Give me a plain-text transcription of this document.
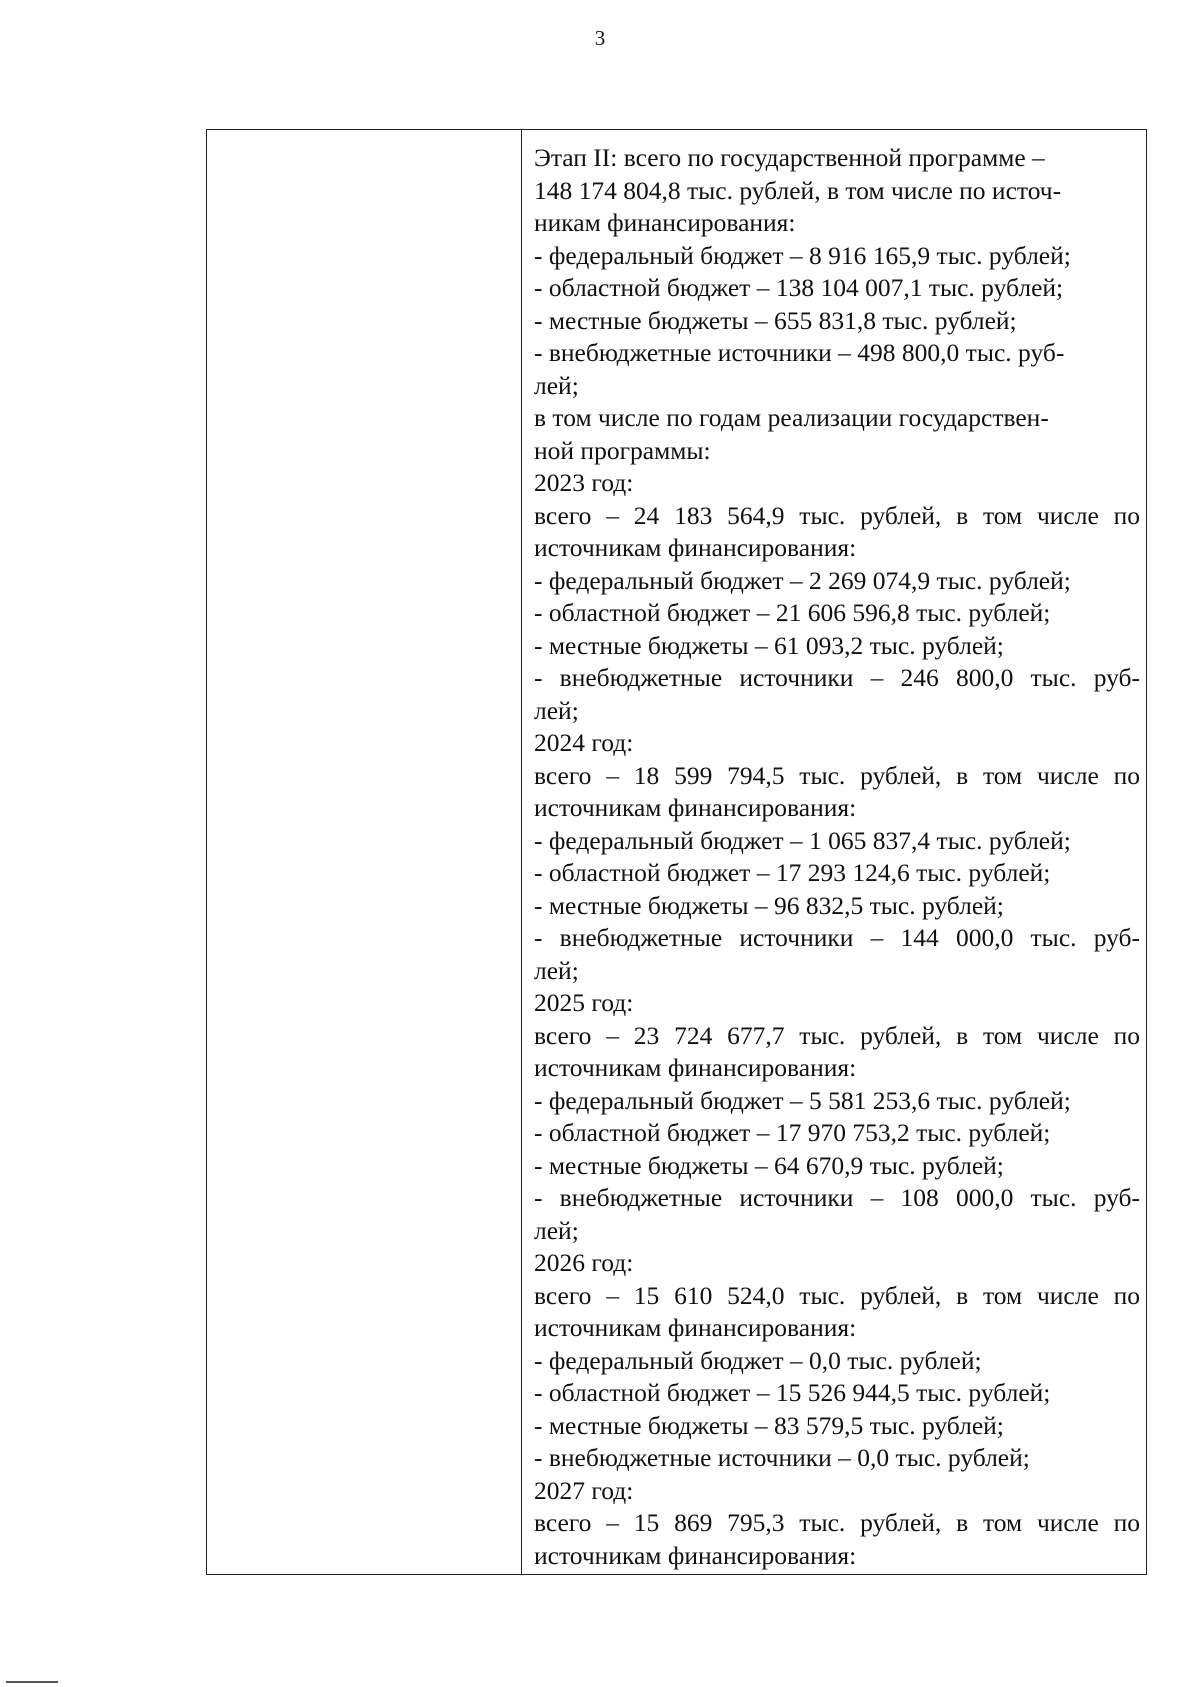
3
Этап II: всего по государственной программе –
148 174 804,8 тыс. рублей, в том числе по источ-
никам финансирования:
- федеральный бюджет – 8 916 165,9 тыс. рублей;
- областной бюджет – 138 104 007,1 тыс. рублей;
- местные бюджеты – 655 831,8 тыс. рублей;
- внебюджетные источники – 498 800,0 тыс. руб-
лей;
в том числе по годам реализации государствен-
ной программы:
2023 год:
всего – 24 183 564,9 тыс. рублей, в том числе по
источникам финансирования:
- федеральный бюджет – 2 269 074,9 тыс. рублей;
- областной бюджет – 21 606 596,8 тыс. рублей;
- местные бюджеты – 61 093,2 тыс. рублей;
- внебюджетные источники – 246 800,0 тыс. руб-
лей;
2024 год:
всего – 18 599 794,5 тыс. рублей, в том числе по
источникам финансирования:
- федеральный бюджет – 1 065 837,4 тыс. рублей;
- областной бюджет – 17 293 124,6 тыс. рублей;
- местные бюджеты – 96 832,5 тыс. рублей;
- внебюджетные источники – 144 000,0 тыс. руб-
лей;
2025 год:
всего – 23 724 677,7 тыс. рублей, в том числе по
источникам финансирования:
- федеральный бюджет – 5 581 253,6 тыс. рублей;
- областной бюджет – 17 970 753,2 тыс. рублей;
- местные бюджеты – 64 670,9 тыс. рублей;
- внебюджетные источники – 108 000,0 тыс. руб-
лей;
2026 год:
всего – 15 610 524,0 тыс. рублей, в том числе по
источникам финансирования:
- федеральный бюджет – 0,0 тыс. рублей;
- областной бюджет – 15 526 944,5 тыс. рублей;
- местные бюджеты – 83 579,5 тыс. рублей;
- внебюджетные источники – 0,0 тыс. рублей;
2027 год:
всего – 15 869 795,3 тыс. рублей, в том числе по
источникам финансирования:
